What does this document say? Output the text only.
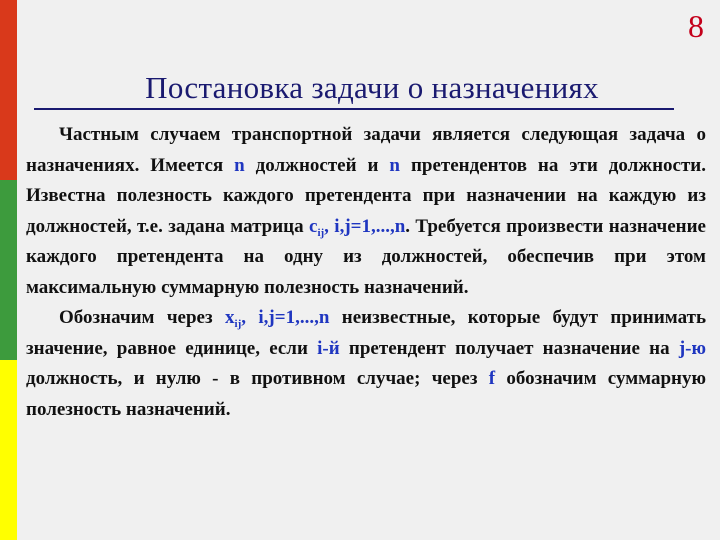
8
Постановка задачи о назначениях

Частным случаем транспортной задачи является следующая задача о назначениях. Имеется n должностей и n претендентов на эти должности. Известна полезность каждого претендента при назначении на каждую из должностей, т.е. задана матрица $c_{ij}$, i,j=1,...,n. Требуется произвести назначение каждого претендента на одну из должностей, обеспечив при этом максимальную суммарную полезность назначений.

Обозначим через $x_{ij}$, i,j=1,...,n неизвестные, которые будут принимать значение, равное единице, если i-й претендент получает назначение на j-ю должность, и нулю - в противном случае; через f обозначим суммарную полезность назначений.
